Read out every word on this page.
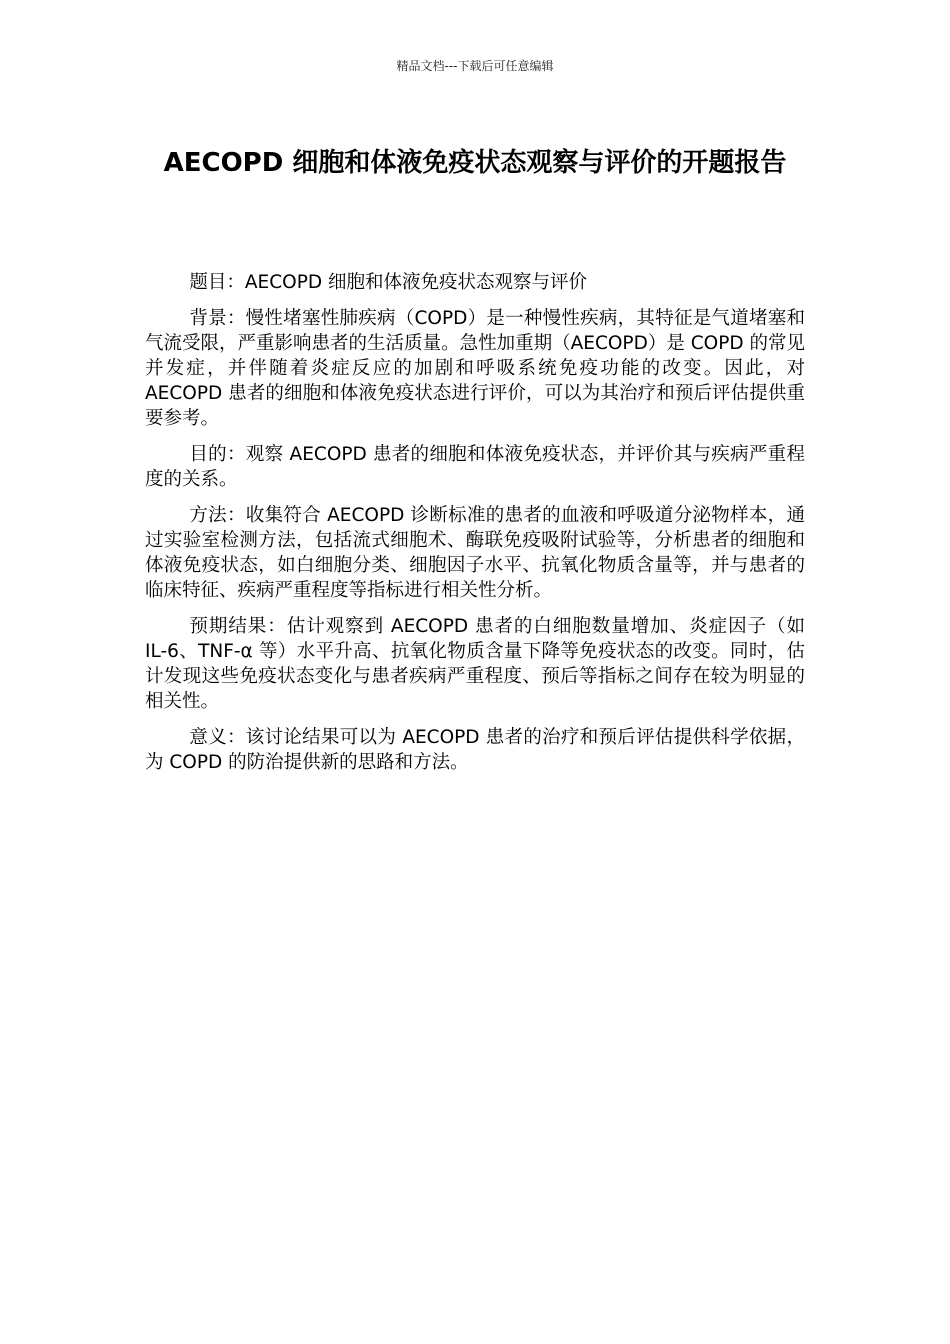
精品文档---下载后可任意编辑
AECOPD 细胞和体液免疫状态观察与评价的开题报告

题目：AECOPD 细胞和体液免疫状态观察与评价

背景：慢性堵塞性肺疾病（COPD）是一种慢性疾病，其特征是气道堵塞和气流受限，严重影响患者的生活质量。急性加重期（AECOPD）是 COPD 的常见并发症，并伴随着炎症反应的加剧和呼吸系统免疫功能的改变。因此，对 AECOPD 患者的细胞和体液免疫状态进行评价，可以为其治疗和预后评估提供重要参考。

目的：观察 AECOPD 患者的细胞和体液免疫状态，并评价其与疾病严重程度的关系。

方法：收集符合 AECOPD 诊断标准的患者的血液和呼吸道分泌物样本，通过实验室检测方法，包括流式细胞术、酶联免疫吸附试验等，分析患者的细胞和体液免疫状态，如白细胞分类、细胞因子水平、抗氧化物质含量等，并与患者的临床特征、疾病严重程度等指标进行相关性分析。

预期结果：估计观察到 AECOPD 患者的白细胞数量增加、炎症因子（如 IL-6、TNF-α 等）水平升高、抗氧化物质含量下降等免疫状态的改变。同时，估计发现这些免疫状态变化与患者疾病严重程度、预后等指标之间存在较为明显的相关性。

意义：该讨论结果可以为 AECOPD 患者的治疗和预后评估提供科学依据，为 COPD 的防治提供新的思路和方法。
